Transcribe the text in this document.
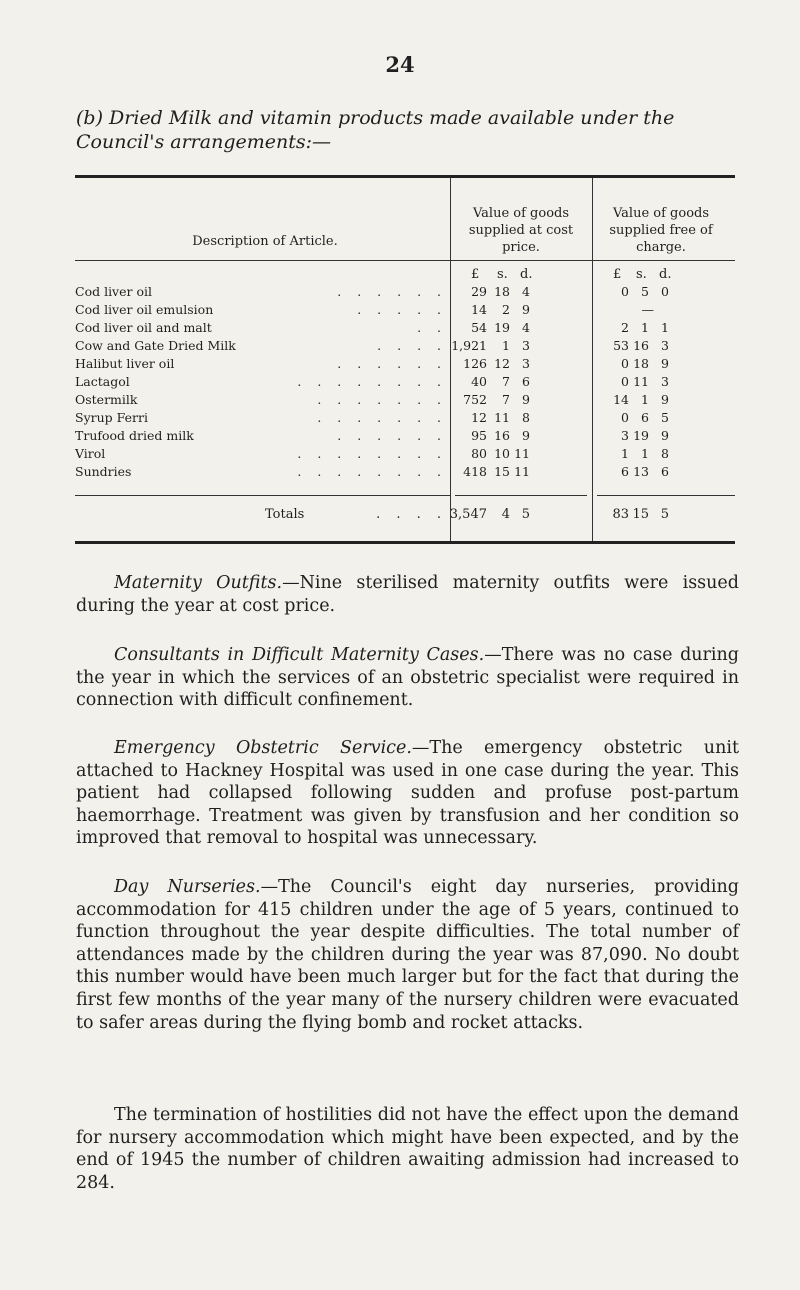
24
(b) Dried Milk and vitamin products made available under the Council's arrangements:—
Description of Article.
Value of goods supplied at cost price.
Value of goods supplied free of charge.
£ s. d.	£ s. d.
Cod liver oil	. . . . . . 29 18 4	0 5 0
Cod liver oil emulsion	. . . . . 14 2 9	—
Cod liver oil and malt	. . 54 19 4	2 1 1
Cow and Gate Dried Milk	. . . . 1,921 1 3	53 16 3
Halibut liver oil	. . . . . . 126 12 3	0 18 9
Lactagol	. . . . . . . . 40 7 6	0 11 3
Ostermilk	. . . . . . . 752 7 9	14 1 9
Syrup Ferri	. . . . . . . 12 11 8	0 6 5
Trufood dried milk	. . . . . . 95 16 9	3 19 9
Virol	. . . . . . . . 80 10 11	1 1 8
Sundries	. . . . . . . . 418 15 11	6 13 6
Totals	. . . . 3,547 4 5	83 15 5
Maternity Outfits.—Nine sterilised maternity outfits were issued during the year at cost price.
Consultants in Difficult Maternity Cases.—There was no case during the year in which the services of an obstetric specialist were required in connection with difficult confinement.
Emergency Obstetric Service.—The emergency obstetric unit attached to Hackney Hospital was used in one case during the year. This patient had collapsed following sudden and profuse post-partum haemorrhage. Treatment was given by transfusion and her condition so improved that removal to hospital was unnecessary.
Day Nurseries.—The Council's eight day nurseries, providing accommodation for 415 children under the age of 5 years, continued to function throughout the year despite difficulties. The total number of attendances made by the children during the year was 87,090. No doubt this number would have been much larger but for the fact that during the first few months of the year many of the nursery children were evacuated to safer areas during the flying bomb and rocket attacks.
The termination of hostilities did not have the effect upon the demand for nursery accommodation which might have been expected, and by the end of 1945 the number of children awaiting admission had increased to 284.
